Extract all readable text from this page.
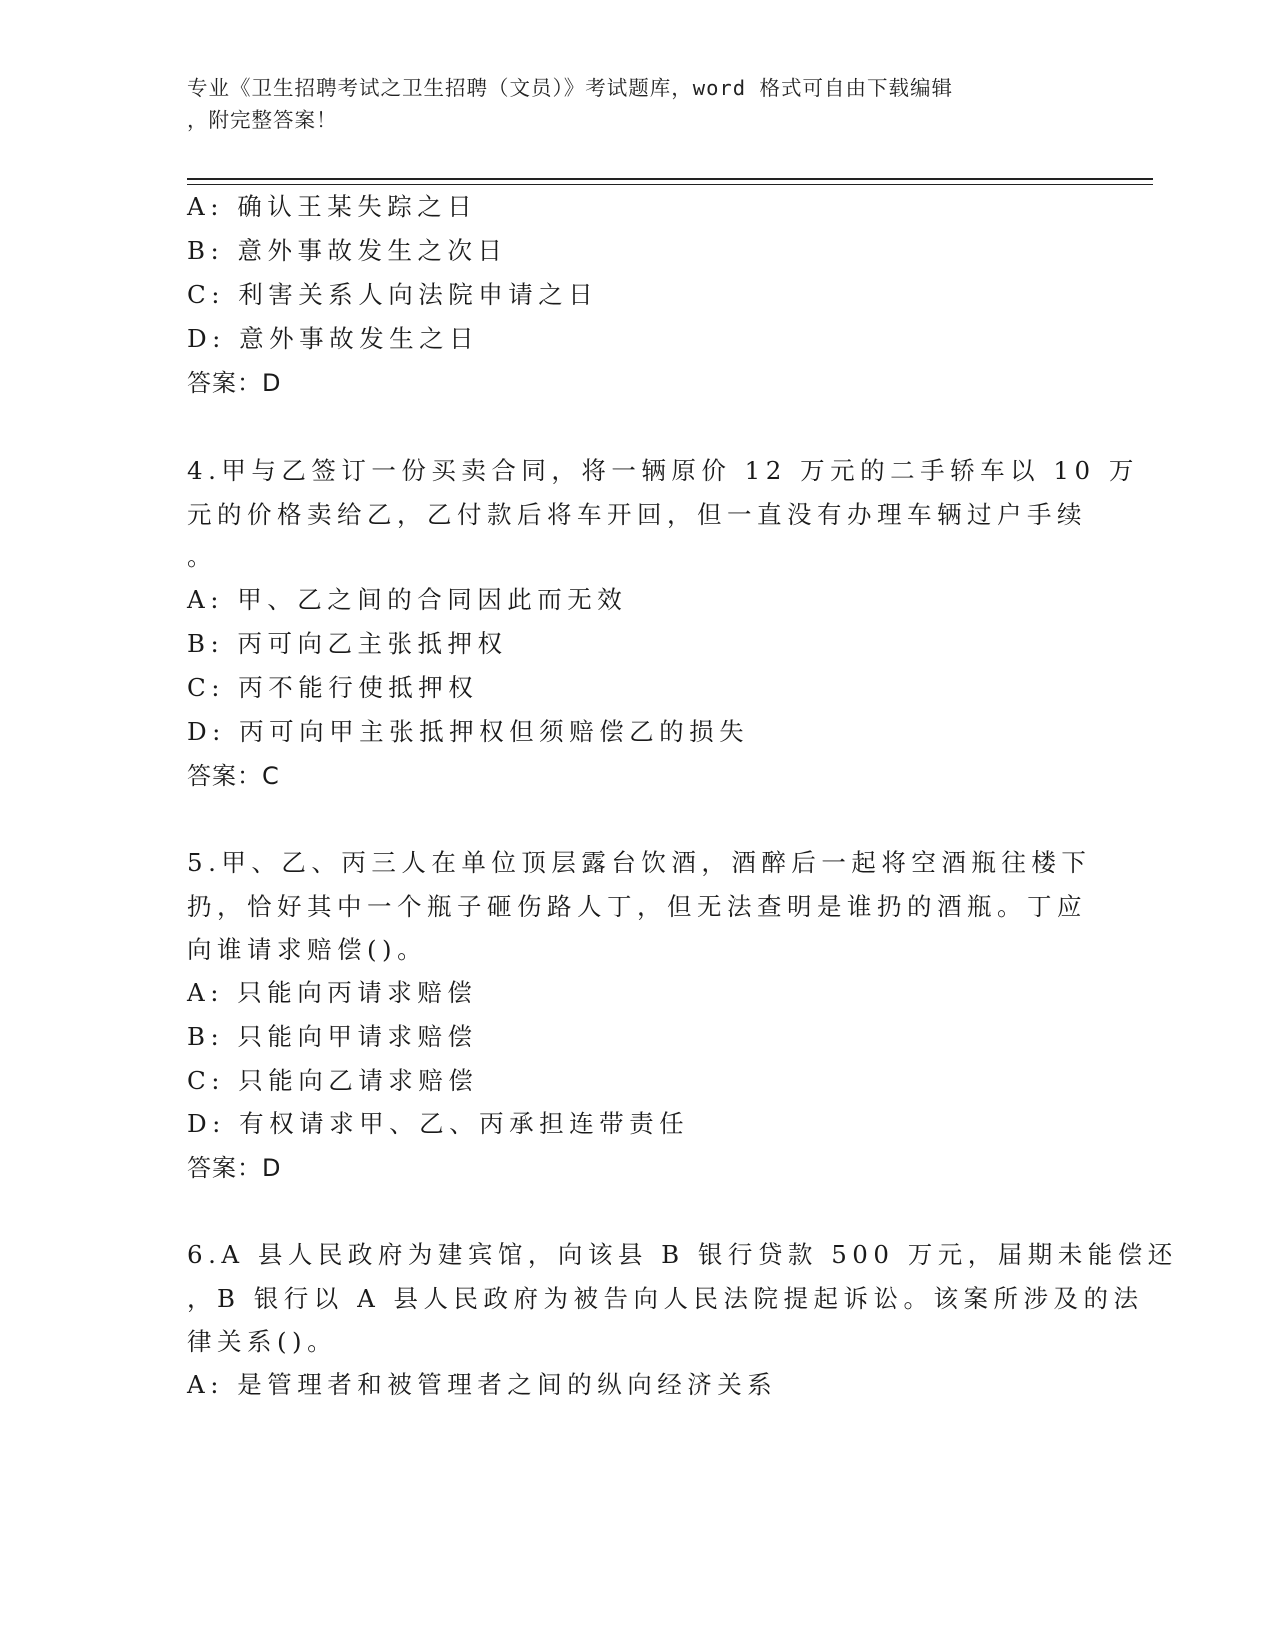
专业《卫生招聘考试之卫生招聘（文员）》考试题库，word 格式可自由下载编辑
，附完整答案！
A: 确认王某失踪之日
B: 意外事故发生之次日
C: 利害关系人向法院申请之日
D: 意外事故发生之日
答案：D
4.甲与乙签订一份买卖合同，将一辆原价 12 万元的二手轿车以 10 万
元的价格卖给乙，乙付款后将车开回，但一直没有办理车辆过户手续
。
A: 甲、乙之间的合同因此而无效
B: 丙可向乙主张抵押权
C: 丙不能行使抵押权
D: 丙可向甲主张抵押权但须赔偿乙的损失
答案：C
5.甲、乙、丙三人在单位顶层露台饮酒，酒醉后一起将空酒瓶往楼下
扔，恰好其中一个瓶子砸伤路人丁，但无法查明是谁扔的酒瓶。丁应
向谁请求赔偿()。
A: 只能向丙请求赔偿
B: 只能向甲请求赔偿
C: 只能向乙请求赔偿
D: 有权请求甲、乙、丙承担连带责任
答案：D
6.A 县人民政府为建宾馆，向该县 B 银行贷款 500 万元，届期未能偿还
，B 银行以 A 县人民政府为被告向人民法院提起诉讼。该案所涉及的法
律关系()。
A: 是管理者和被管理者之间的纵向经济关系
